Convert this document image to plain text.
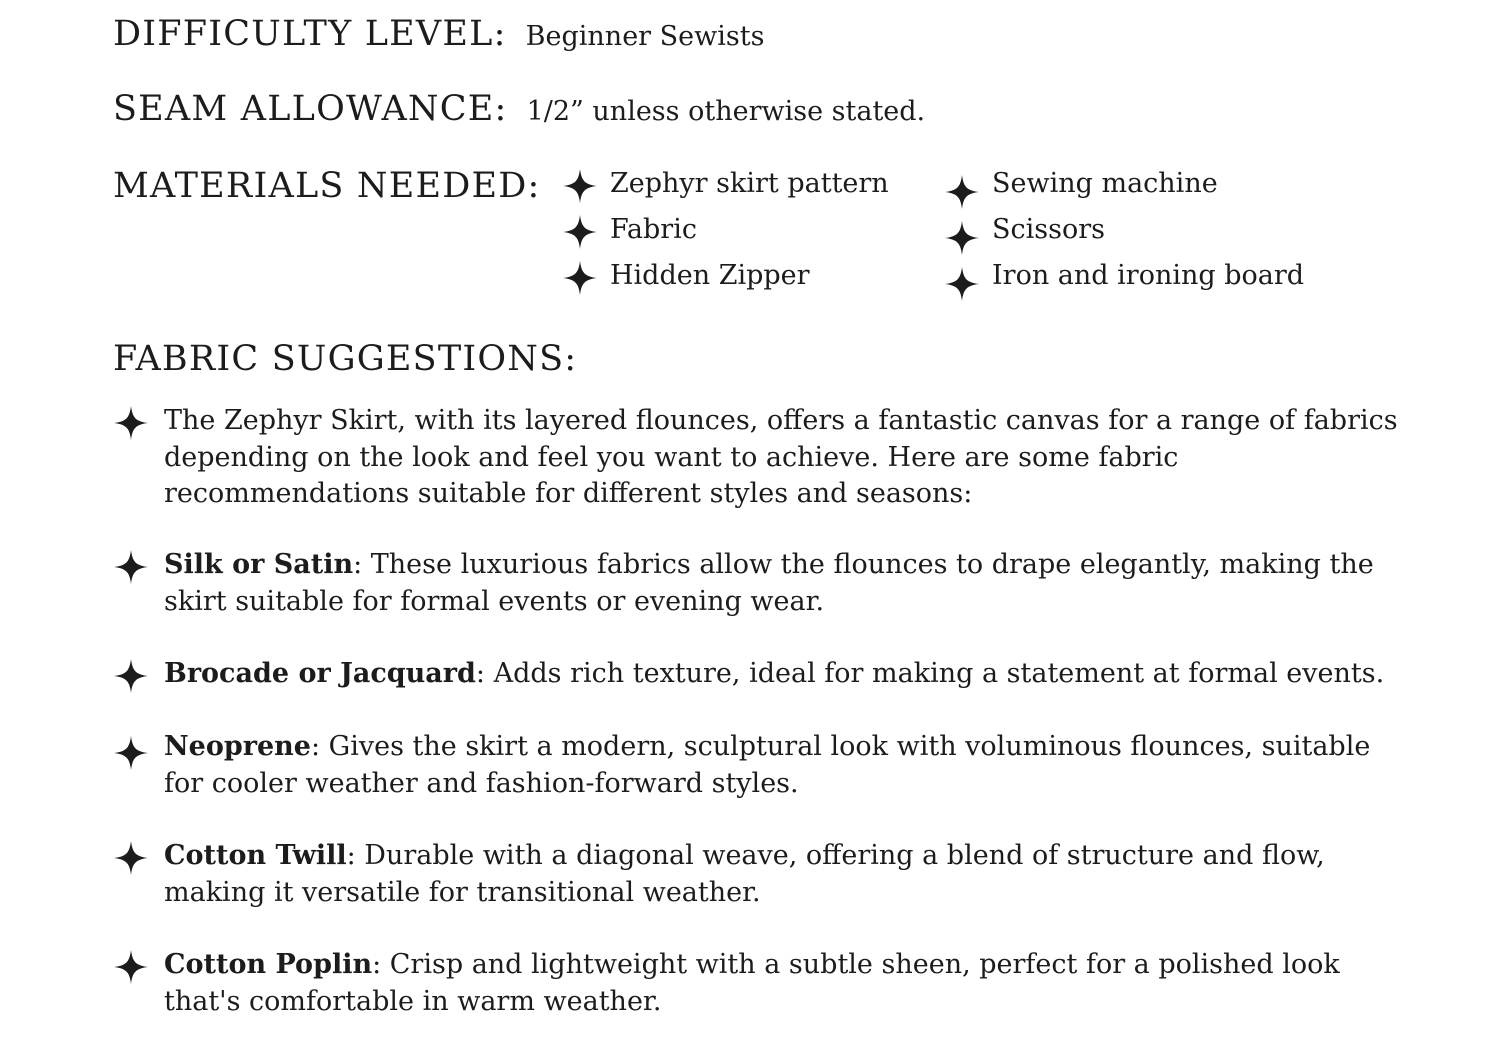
DIFFICULTY LEVEL: Beginner Sewists
SEAM ALLOWANCE: 1/2” unless otherwise stated.
MATERIALS NEEDED:	Zephyr skirt pattern
Fabric
Hidden Zipper
Sewing machine
Scissors
Iron and ironing board
FABRIC SUGGESTIONS:
The Zephyr Skirt, with its layered flounces, offers a fantastic canvas for a range of fabrics depending on the look and feel you want to achieve. Here are some fabric recommendations suitable for different styles and seasons:
Silk or Satin: These luxurious fabrics allow the flounces to drape elegantly, making the skirt suitable for formal events or evening wear.
Brocade or Jacquard: Adds rich texture, ideal for making a statement at formal events.
Neoprene: Gives the skirt a modern, sculptural look with voluminous flounces, suitable for cooler weather and fashion-forward styles.
Cotton Twill: Durable with a diagonal weave, offering a blend of structure and flow, making it versatile for transitional weather.
Cotton Poplin: Crisp and lightweight with a subtle sheen, perfect for a polished look that's comfortable in warm weather.
